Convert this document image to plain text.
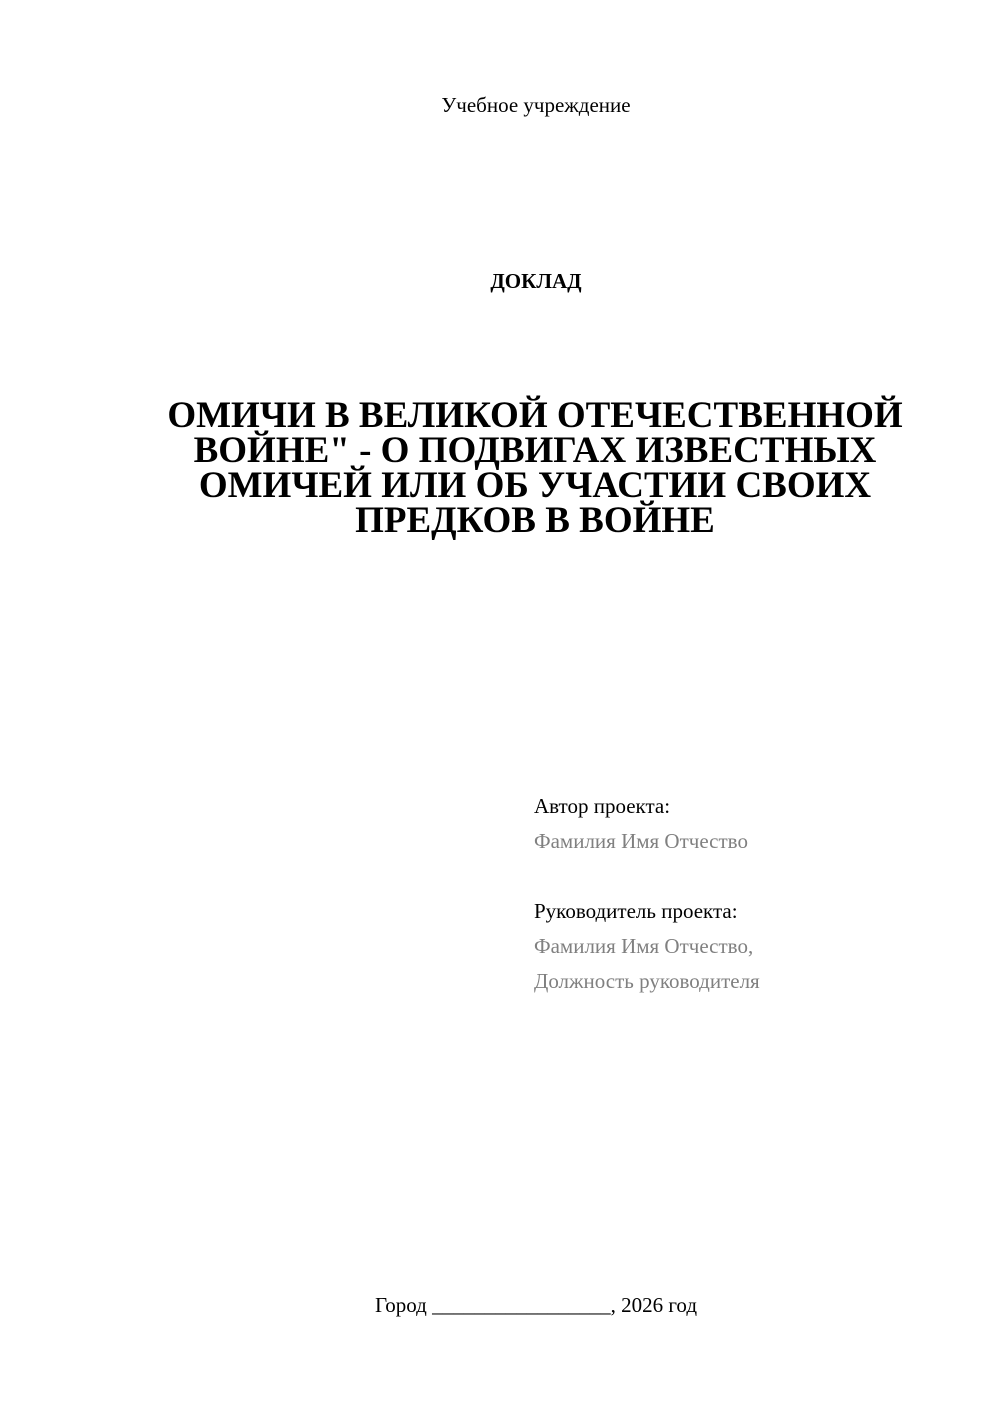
Учебное учреждение
ДОКЛАД
ОМИЧИ В ВЕЛИКОЙ ОТЕЧЕСТВЕННОЙ
ВОЙНЕ" - О ПОДВИГАХ ИЗВЕСТНЫХ
ОМИЧЕЙ ИЛИ ОБ УЧАСТИИ СВОИХ
ПРЕДКОВ В ВОЙНЕ
Автор проекта:
Фамилия Имя Отчество
Руководитель проекта:
Фамилия Имя Отчество,
Должность руководителя
Город _________________, 2026 год
